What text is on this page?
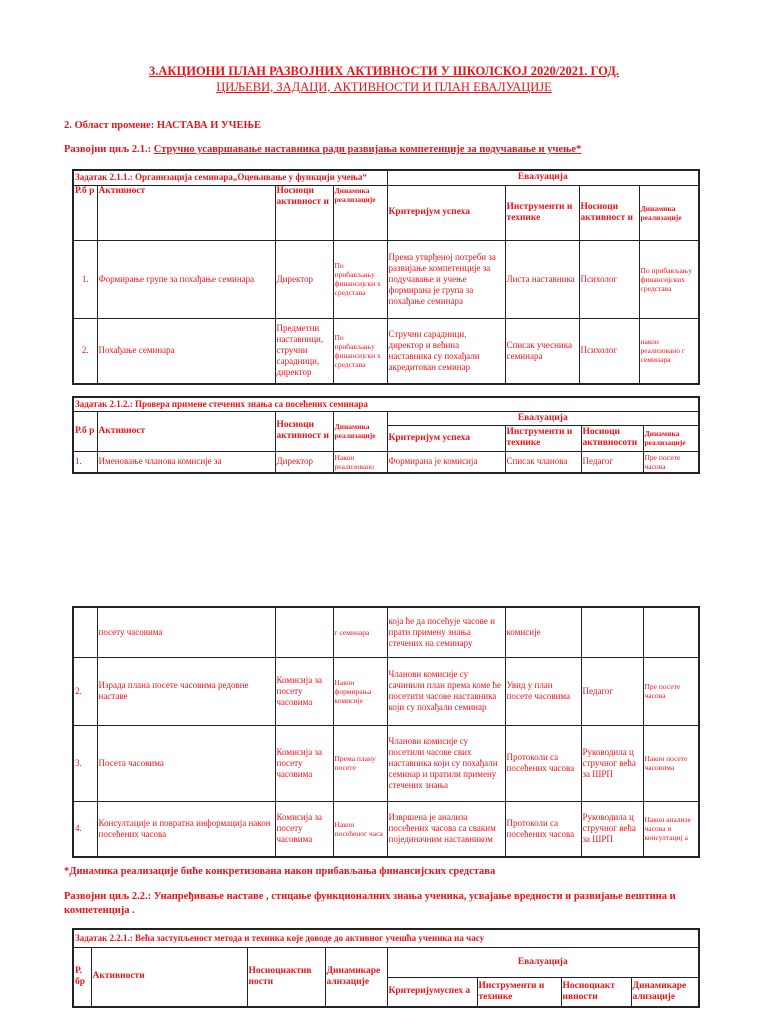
3.АКЦИОНИ ПЛАН РАЗВОЈНИХ АКТИВНОСТИ У ШКОЛСКОЈ 2020/2021. ГОД.
ЦИЉЕВИ, ЗАДАЦИ, АКТИВНОСТИ И ПЛАН ЕВАЛУАЦИЈЕ
2. Област промене: НАСТАВА И УЧЕЊЕ
Развојни циљ 2.1.: Стручно усавршавање наставника ради развијања компетенције за подучавање и учење*
Задатак 2.1.1.: Организација семинара„Оцењивање у функцији учења“				Евалуација			
Р.б р	Активност	Носиоци активност и	Динамика реализације	Критеријум успеха	Инструменти и технике	Носиоци активност и	Динамика реализације
1.	Формирање групе за похађање семинара	Директор	По прибављању финансијски х средстава	Према утврђеној потреби за развијање компетенције за подучавање и учење формирана је група за похађање семинара	Листа наставника	Психолог	По прибављању финансијских средстава
2.	Похађање семинара	Предметни наставници, стручни сарадници, директор	По прибављању финансијски х средстава	Стручни сарадници, директор и већина наставника су похађали акредитован семинар	Списак учесника семинара	Психолог	након реализовано г семинара
Задатак 2.1.2.: Провера примене стечених знања са посећених семинара							
Р.б р	Активност	Носиоци активност и	Динамика реализације	Евалуација			
				Критеријум успеха	Инструменти и технике	Носиоци активносоти	Динамика реализације
1.	Именовање чланова комисије за	Директор	Након реализовано	Формирана је комисија	Списак чланова	Педагог	Пре посете часова
	посету часовима		г семинара	која ће да посећује часове и прати примену знања стечених на семинару	комисије		
2.	Израда плана посете часовима редовне наставе	Комисија за посету часовима	Након формирања комисије	Чланови комисије су сачинили план према коме ће посетити часове наставника који су похађали семинар	Увид у план посете часовима	Педагог	Пре посете часова
3.	Посета часовима	Комисија за посету часовима	Према плану посете	Чланови комисије су посетили часове свих наставника који су похађали семинар и пратили примену стечених знања	Протоколи са посећених часова	Руководила ц стручног већа за ШРП	Након посете часовима
4.	Консултације и повратна информација након посећених часова	Комисија за посету часовима	Након посећеног часа	Извршена је анализа посећених часова са сваким појединачним наставником	Протоколи са посећених часова	Руководила ц стручног већа за ШРП	Након анализе часова и консултациј а
*Динамика реализације биће конкретизована након прибављања финансијских средстава
Развојни циљ 2.2.: Унапређивање наставе , стицање функционалних знања ученика, усвајање вредности и развијање вештина и компетенција .
Задатак 2.2.1.: Већа заступљеност метода и техника које доводе до активног учешћа ученика на часу							
Р. бр	Активности	Носиоциактив ности	Динамикаре ализације	Евалуација			
				Критеријумуспех а	Инструменти и технике	Носиоциакт ивности	Динамикаре ализације
